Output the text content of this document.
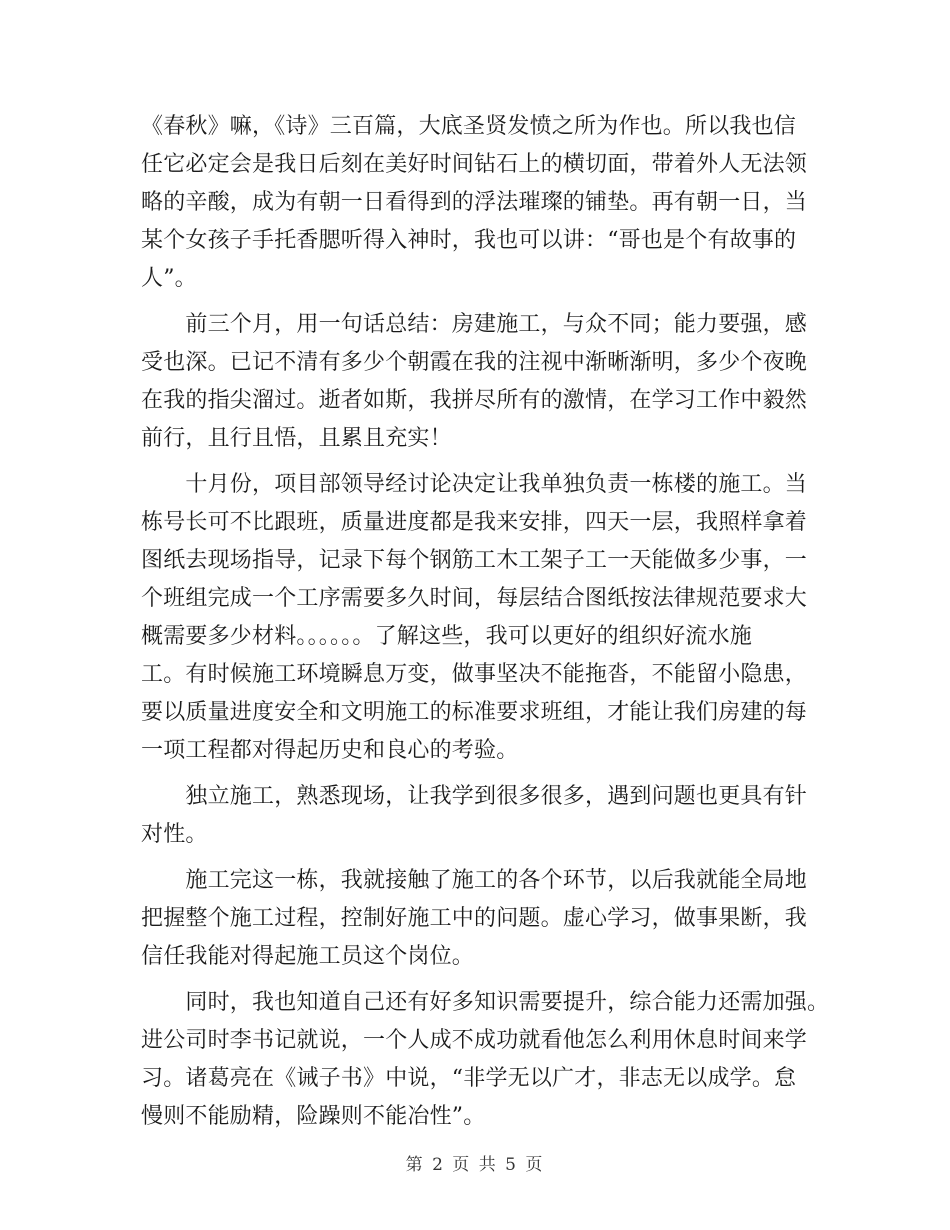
《春秋》嘛，《诗》三百篇，大底圣贤发愤之所为作也。所以我也信
任它必定会是我日后刻在美好时间钻石上的横切面，带着外人无法领
略的辛酸，成为有朝一日看得到的浮法璀璨的铺垫。再有朝一日，当
某个女孩子手托香腮听得入神时，我也可以讲：“哥也是个有故事的
人”。
　　前三个月，用一句话总结：房建施工，与众不同；能力要强，感
受也深。已记不清有多少个朝霞在我的注视中渐晰渐明，多少个夜晚
在我的指尖溜过。逝者如斯，我拼尽所有的激情，在学习工作中毅然
前行，且行且悟，且累且充实！
　　十月份，项目部领导经讨论决定让我单独负责一栋楼的施工。当
栋号长可不比跟班，质量进度都是我来安排，四天一层，我照样拿着
图纸去现场指导，记录下每个钢筋工木工架子工一天能做多少事，一
个班组完成一个工序需要多久时间，每层结合图纸按法律规范要求大
概需要多少材料。。。。。。了解这些，我可以更好的组织好流水施
工。有时候施工环境瞬息万变，做事坚决不能拖沓，不能留小隐患，
要以质量进度安全和文明施工的标准要求班组，才能让我们房建的每
一项工程都对得起历史和良心的考验。
　　独立施工，熟悉现场，让我学到很多很多，遇到问题也更具有针
对性。
　　施工完这一栋，我就接触了施工的各个环节，以后我就能全局地
把握整个施工过程，控制好施工中的问题。虚心学习，做事果断，我
信任我能对得起施工员这个岗位。
　　同时，我也知道自己还有好多知识需要提升，综合能力还需加强。
进公司时李书记就说，一个人成不成功就看他怎么利用休息时间来学
习。诸葛亮在《诫子书》中说，“非学无以广才，非志无以成学。怠
慢则不能励精，险躁则不能冶性”。
第 2 页 共 5 页
